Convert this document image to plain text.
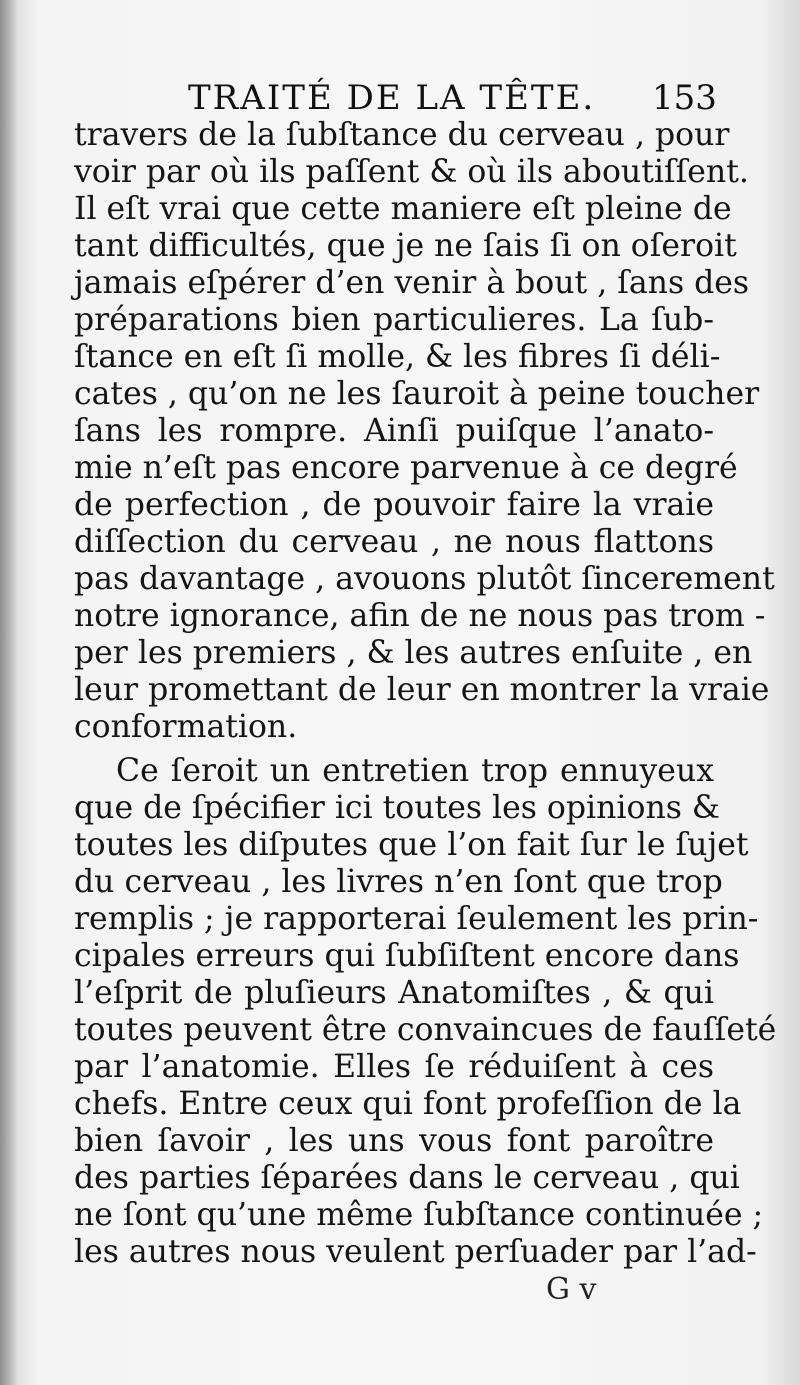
TRAITÉ DE LA TÊTE. 153
travers de la ſubſtance du cerveau , pour
voir par où ils paſſent & où ils aboutiſſent.
Il eſt vrai que cette maniere eſt pleine de
tant difficultés, que je ne ſais ſi on oſeroit
jamais eſpérer d’en venir à bout , ſans des
préparations bien particulieres. La ſub-
ſtance en eſt ſi molle, & les fibres ſi déli-
cates , qu’on ne les ſauroit à peine toucher
ſans les rompre. Ainſi puiſque l’anato-
mie n’eſt pas encore parvenue à ce degré
de perfection , de pouvoir faire la vraie
diſſection du cerveau , ne nous flattons
pas davantage , avouons plutôt ſincerement
notre ignorance, afin de ne nous pas trom -
per les premiers , & les autres enſuite , en
leur promettant de leur en montrer la vraie
conformation.
Ce ſeroit un entretien trop ennuyeux
que de ſpécifier ici toutes les opinions &
toutes les diſputes que l’on fait ſur le ſujet
du cerveau , les livres n’en ſont que trop
remplis ; je rapporterai ſeulement les prin-
cipales erreurs qui ſubſiſtent encore dans
l’eſprit de pluſieurs Anatomiſtes , & qui
toutes peuvent être convaincues de fauſſeté
par l’anatomie. Elles ſe réduiſent à ces
chefs. Entre ceux qui font profeſſion de la
bien ſavoir , les uns vous font paroître
des parties ſéparées dans le cerveau , qui
ne ſont qu’une même ſubſtance continuée ;
les autres nous veulent perſuader par l’ad-
G v
